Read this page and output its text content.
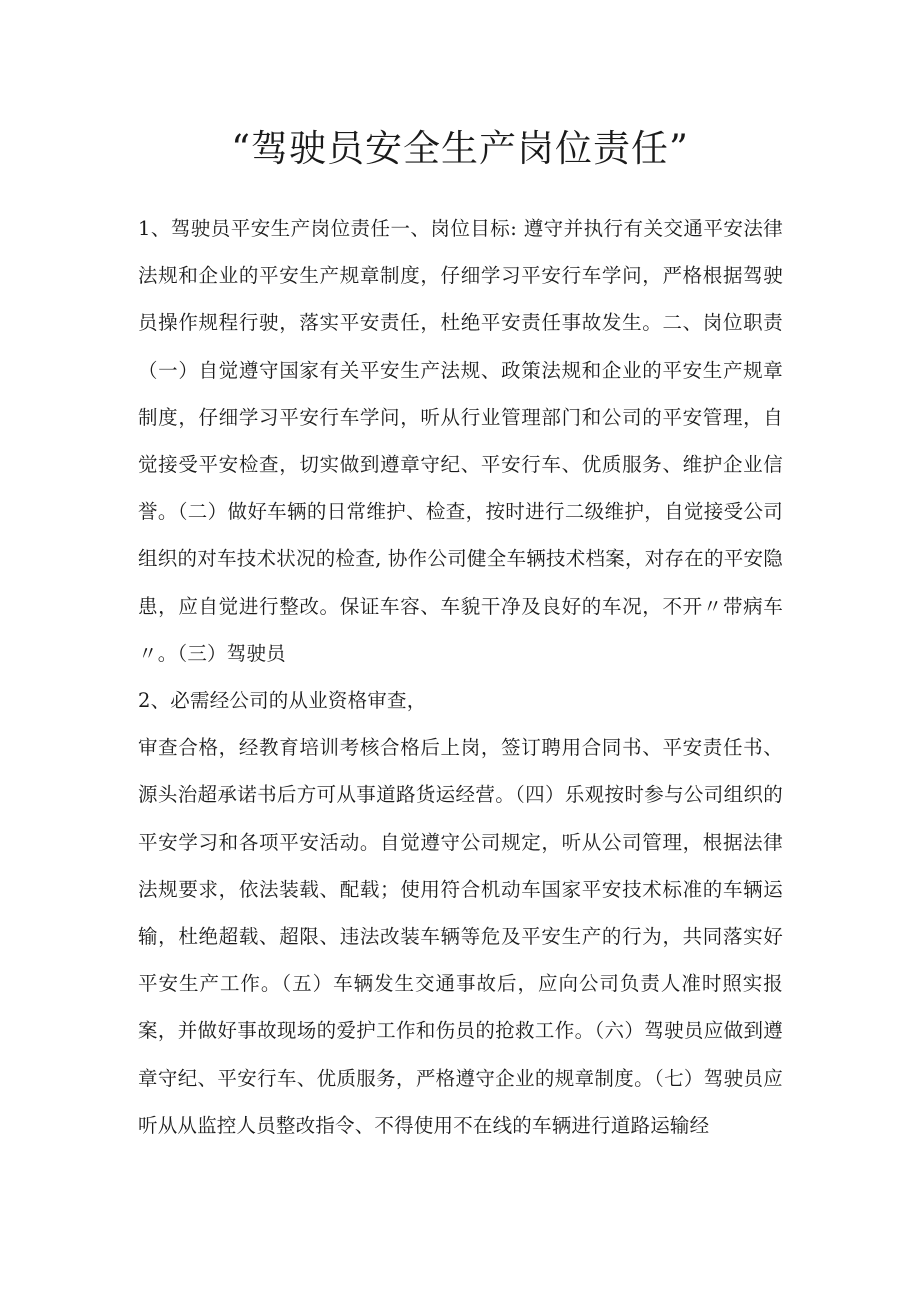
“驾驶员安全生产岗位责任”

1、驾驶员平安生产岗位责任一、岗位目标: 遵守并执行有关交通平安法律法规和企业的平安生产规章制度，仔细学习平安行车学问，严格根据驾驶员操作规程行驶，落实平安责任，杜绝平安责任事故发生。二、岗位职责（一）自觉遵守国家有关平安生产法规、政策法规和企业的平安生产规章制度，仔细学习平安行车学问，听从行业管理部门和公司的平安管理，自觉接受平安检查，切实做到遵章守纪、平安行车、优质服务、维护企业信誉。（二）做好车辆的日常维护、检查，按时进行二级维护，自觉接受公司组织的对车技术状况的检查, 协作公司健全车辆技术档案，对存在的平安隐患，应自觉进行整改。保证车容、车貌干净及良好的车况，不开〃带病车〃。（三）驾驶员

2、必需经公司的从业资格审查，
审查合格，经教育培训考核合格后上岗，签订聘用合同书、平安责任书、源头治超承诺书后方可从事道路货运经营。（四）乐观按时参与公司组织的平安学习和各项平安活动。自觉遵守公司规定，听从公司管理，根据法律法规要求，依法装载、配载；使用符合机动车国家平安技术标准的车辆运输，杜绝超载、超限、违法改装车辆等危及平安生产的行为，共同落实好平安生产工作。（五）车辆发生交通事故后，应向公司负责人准时照实报案，并做好事故现场的爱护工作和伤员的抢救工作。（六）驾驶员应做到遵章守纪、平安行车、优质服务，严格遵守企业的规章制度。（七）驾驶员应听从从监控人员整改指令、不得使用不在线的车辆进行道路运输经
